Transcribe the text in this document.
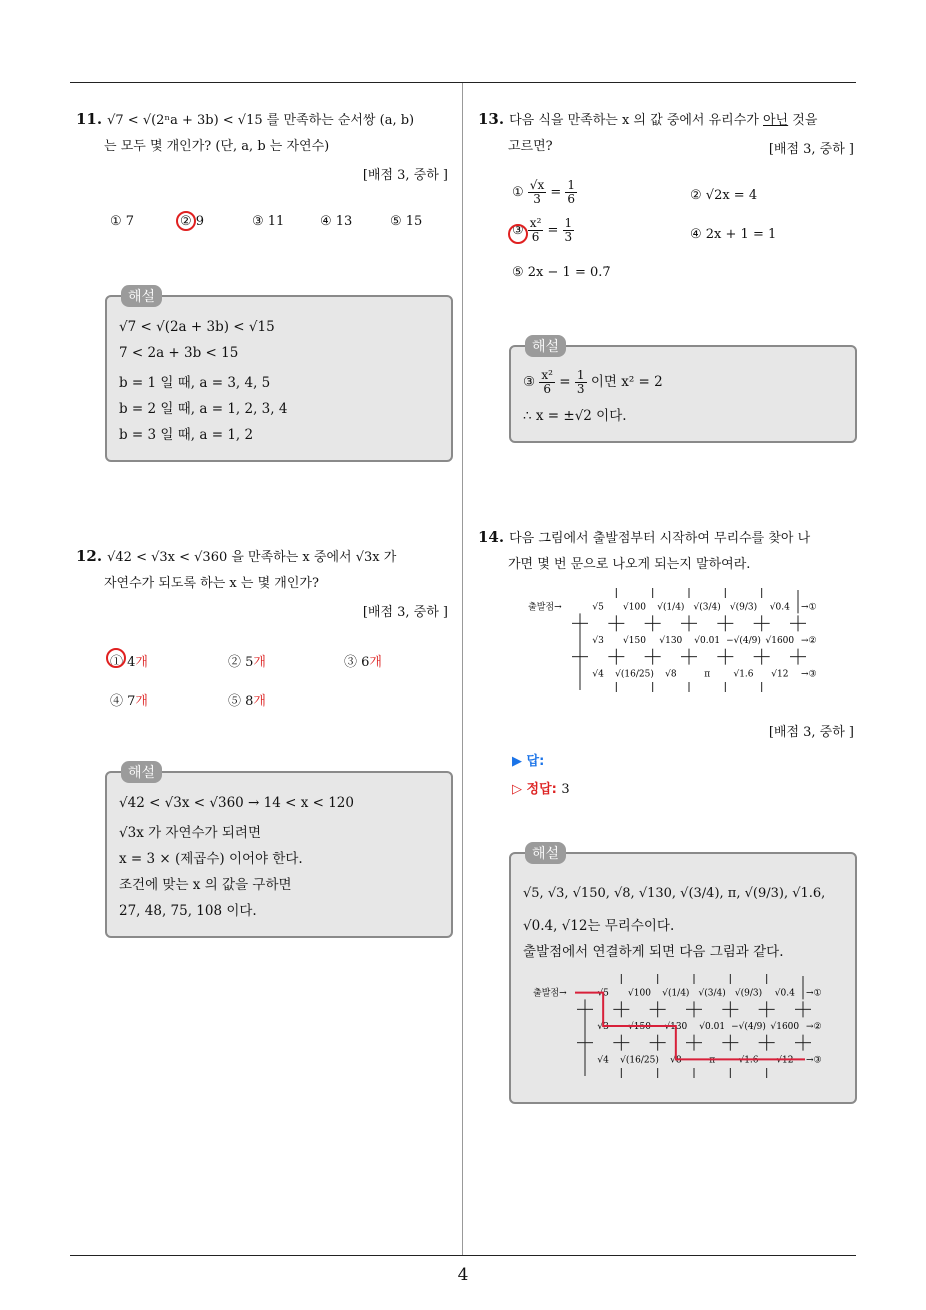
4
11. √7 < √(2ⁿa + 3b) < √15 를 만족하는 순서쌍 (a, b)
는 모두 몇 개인가? (단, a, b 는 자연수)
[배점 3, 중하 ]
① 7	② 9	③ 11	④ 13	⑤ 15
해설
√7 < √(2a + 3b) < √15
7 < 2a + 3b < 15
b = 1 일 때, a = 3, 4, 5
b = 2 일 때, a = 1, 2, 3, 4
b = 3 일 때, a = 1, 2
12. √42 < √3x < √360 을 만족하는 x 중에서 √3x 가
자연수가 되도록 하는 x 는 몇 개인가?
[배점 3, 중하 ]
① 4개	② 5개	③ 6개
④ 7개	⑤ 8개
해설
√42 < √3x < √360 → 14 < x < 120
√3x 가 자연수가 되려면
x = 3 × (제곱수) 이어야 한다.
조건에 맞는 x 의 값을 구하면
27, 48, 75, 108 이다.
13. 다음 식을 만족하는 x 의 값 중에서 유리수가 아닌 것을
고르면?	[배점 3, 중하 ]
① $\frac{√x}{3} = \frac{1}{6}$	② √2x = 4
③ $\frac{\text{x²}}{6} = \frac{1}{3}$	④ 2x + 1 = 1
⑤ 2x − 1 = 0.7̇
해설
③ $\frac{\text{x²}}{6} = \frac{1}{3}$ 이면 x² = 2
∴ x = ±√2 이다.
14. 다음 그림에서 출발점부터 시작하여 무리수를 찾아 나
가면 몇 번 문으로 나오게 되는지 말하여라.
출발점→	√5 √100 √(1/4) √(3/4) √(9/3) √0.4 →①
√3 √150 √130 √0.01 −√(4/9) √1600 →②
√4 √(16/25) √8	π	√1.6 √12 →③
[배점 3, 중하 ]
▶ 답:
▷ 정답: 3
해설
√5, √3, √150, √8, √130, √(3/4), π, √(9/3), √1.6,
√0.4, √12는 무리수이다.
출발점에서 연결하게 되면 다음 그림과 같다.
출발점→	√5 √100 √(1/4) √(3/4) √(9/3) √0.4 →①
√3 √150 √130 √0.01 −√(4/9) √1600 →②
√4 √(16/25) √8	π	√1.6 √12 →③
